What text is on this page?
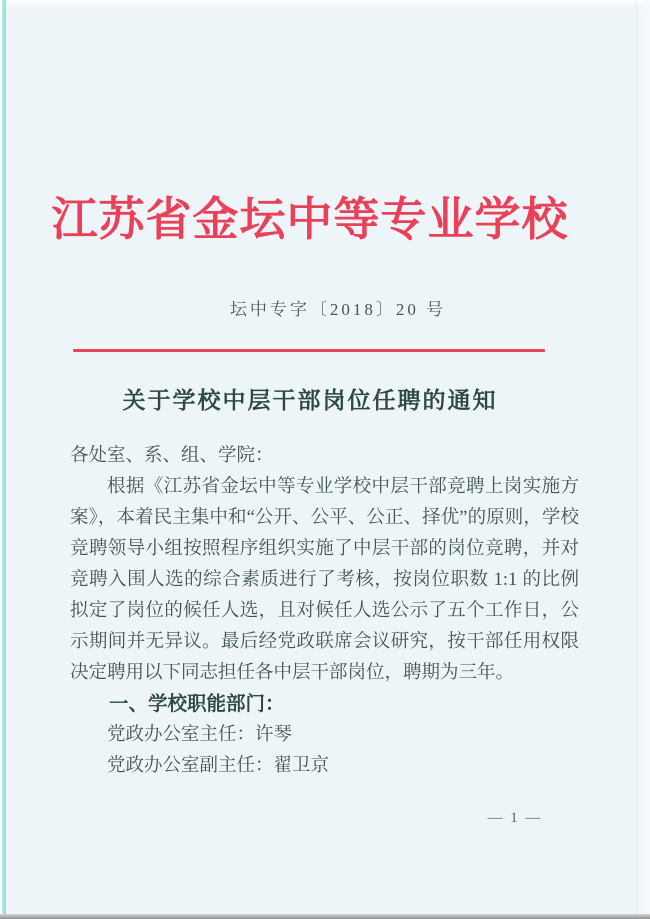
江苏省金坛中等专业学校
坛中专字〔2018〕20 号
关于学校中层干部岗位任聘的通知

各处室、系、组、学院：

根据《江苏省金坛中等专业学校中层干部竞聘上岗实施方案》，本着民主集中和“公开、公平、公正、择优”的原则，学校竞聘领导小组按照程序组织实施了中层干部的岗位竞聘，并对竞聘入围人选的综合素质进行了考核，按岗位职数 1:1 的比例拟定了岗位的候任人选，且对候任人选公示了五个工作日，公示期间并无异议。最后经党政联席会议研究，按干部任用权限决定聘用以下同志担任各中层干部岗位，聘期为三年。

一、学校职能部门：

党政办公室主任：许琴

党政办公室副主任：翟卫京

— 1 —
